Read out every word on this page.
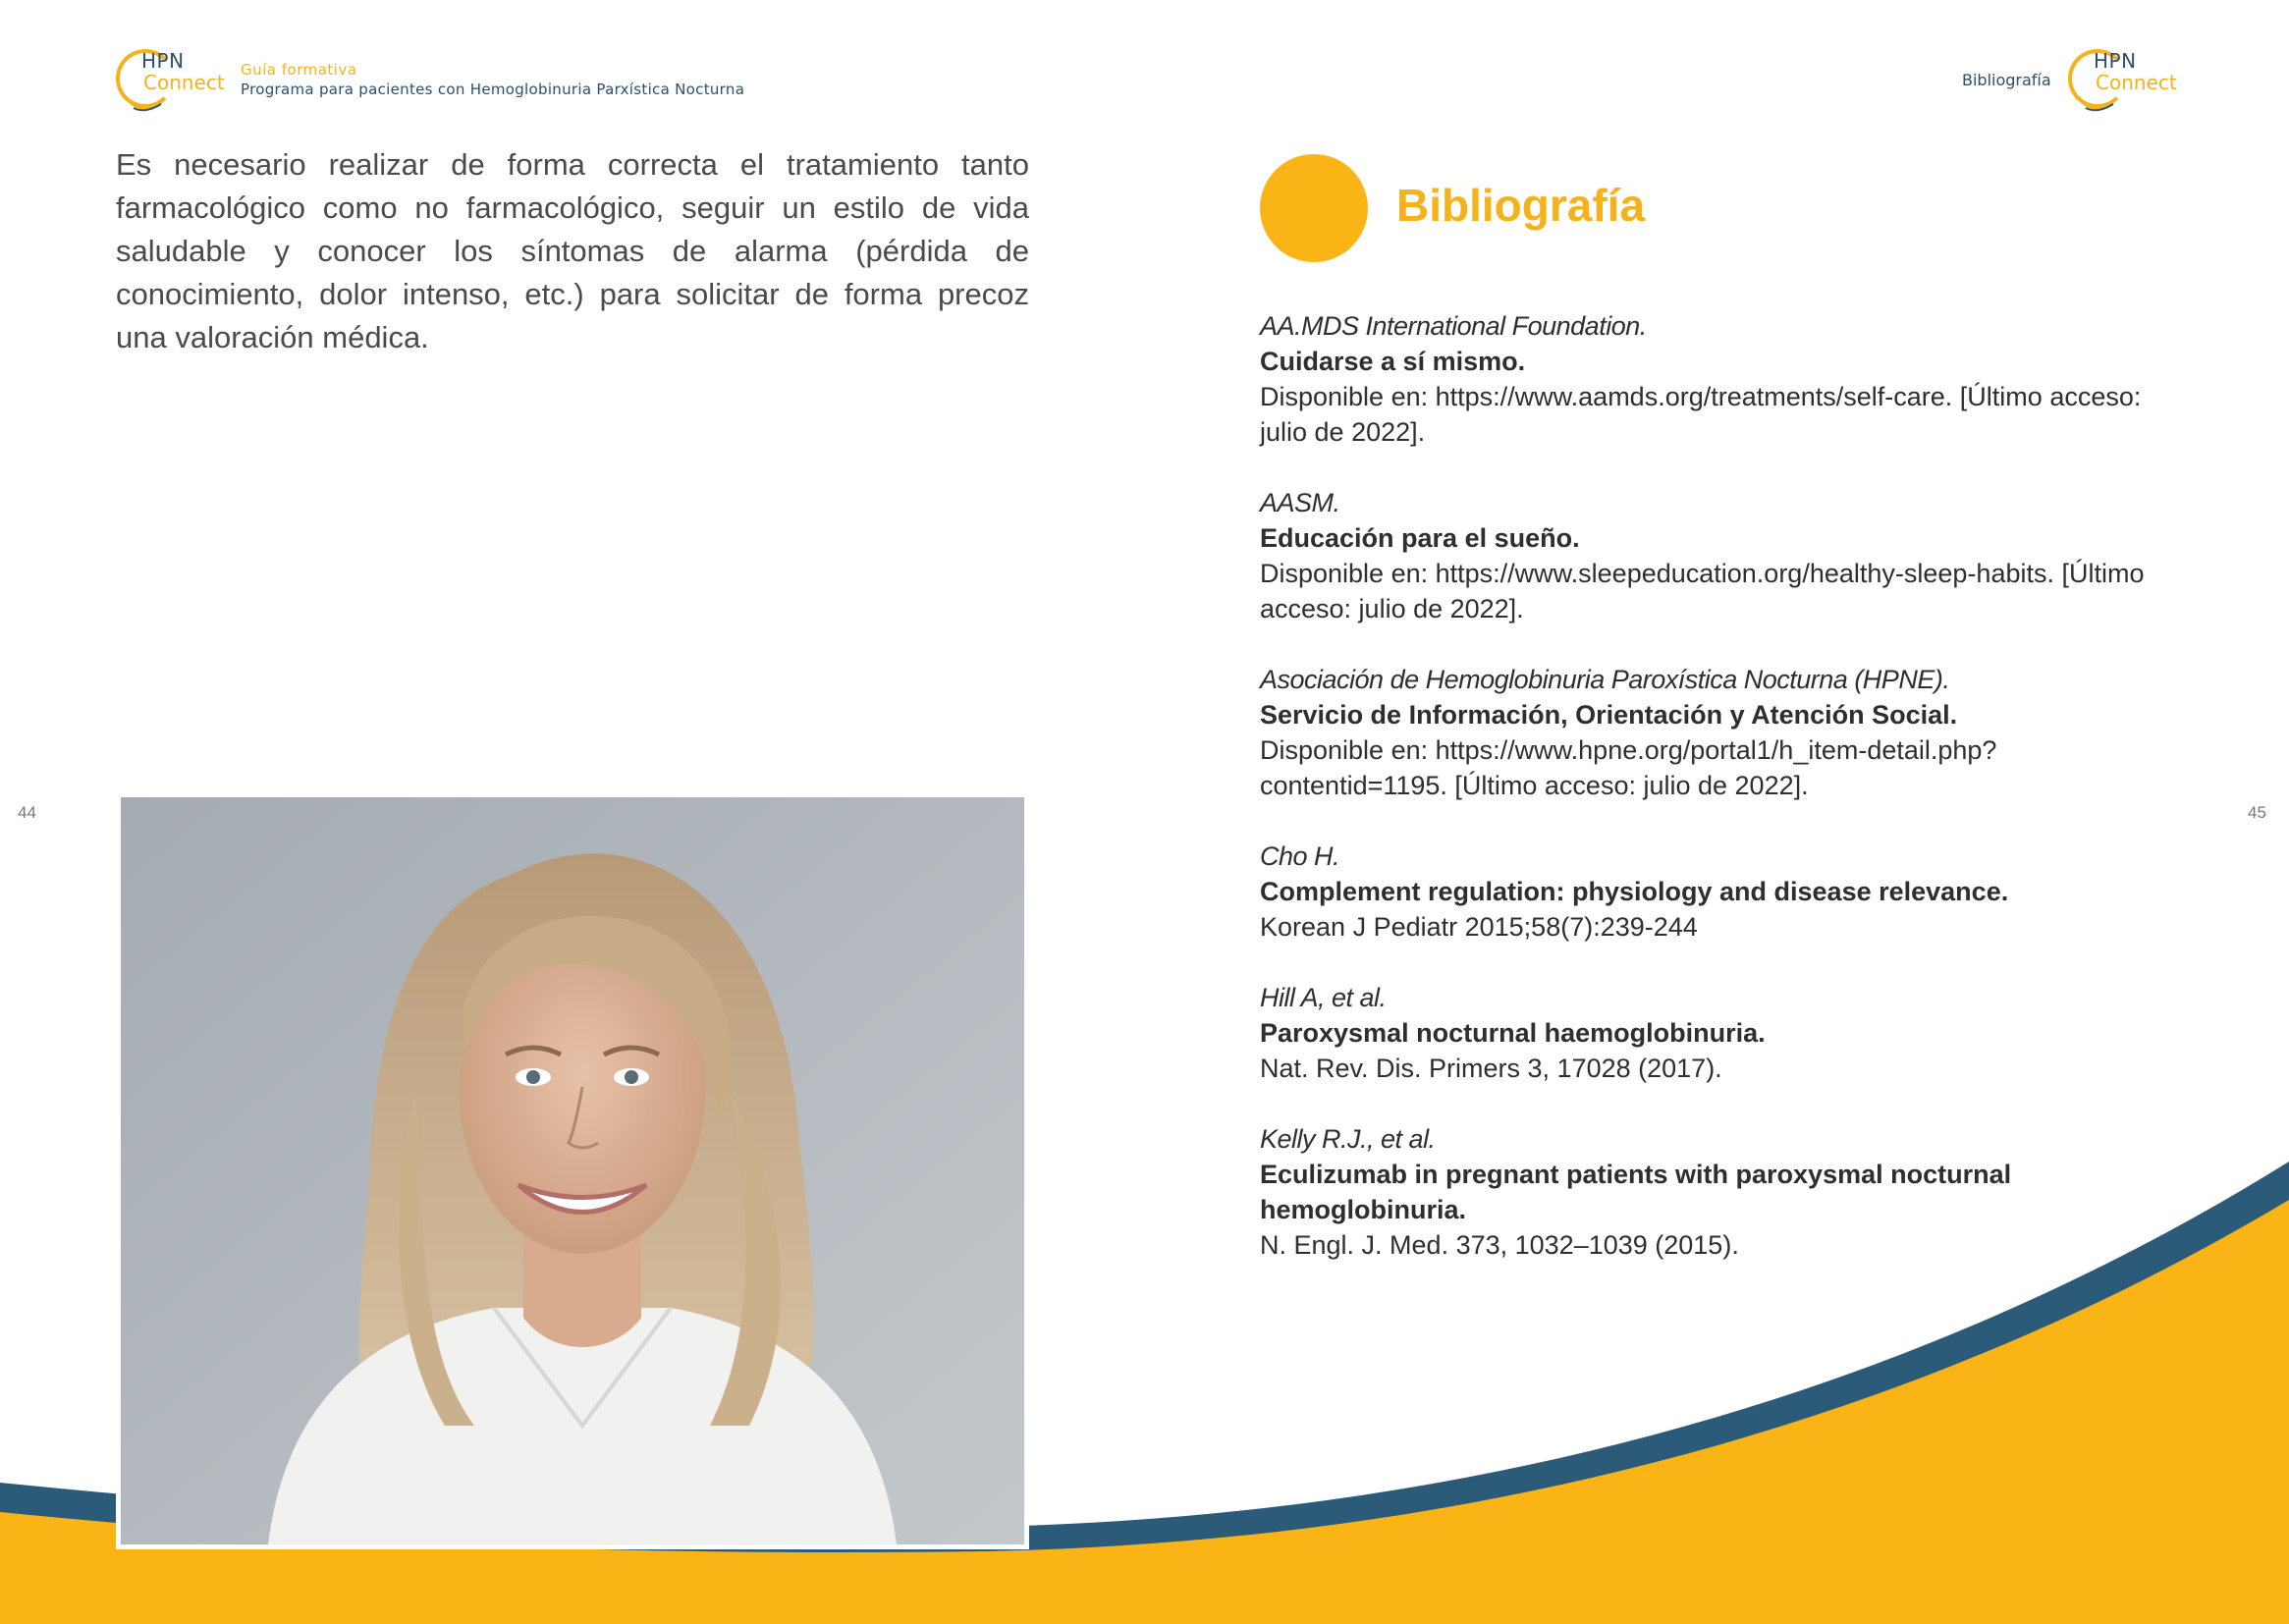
HPN
Connect
Guía formativa
Programa para pacientes con Hemoglobinuria Parxística Nocturna	Bibliografía
HPN
Connect

Es necesario realizar de forma correcta el tratamiento tanto farmacológico como no farmacológico, seguir un estilo de vida saludable y conocer los síntomas de alarma (pérdida de conocimiento, dolor intenso, etc.) para solicitar de forma precoz una valoración médica.

44	45
Bibliografía
AA.MDS International Foundation.
Cuidarse a sí mismo.
Disponible en: https://www.aamds.org/treatments/self-care. [Último acceso: julio de 2022].
AASM.
Educación para el sueño.
Disponible en: https://www.sleepeducation.org/healthy-sleep-habits. [Último acceso: julio de 2022].
Asociación de Hemoglobinuria Paroxística Nocturna (HPNE).
Servicio de Información, Orientación y Atención Social.
Disponible en: https://www.hpne.org/portal1/h_item-detail.php?contentid=1195. [Último acceso: julio de 2022].
Cho H.
Complement regulation: physiology and disease relevance.
Korean J Pediatr 2015;58(7):239-244
Hill A, et al.
Paroxysmal nocturnal haemoglobinuria.
Nat. Rev. Dis. Primers 3, 17028 (2017).
Kelly R.J., et al.
Eculizumab in pregnant patients with paroxysmal nocturnal hemoglobinuria.
N. Engl. J. Med. 373, 1032–1039 (2015).
